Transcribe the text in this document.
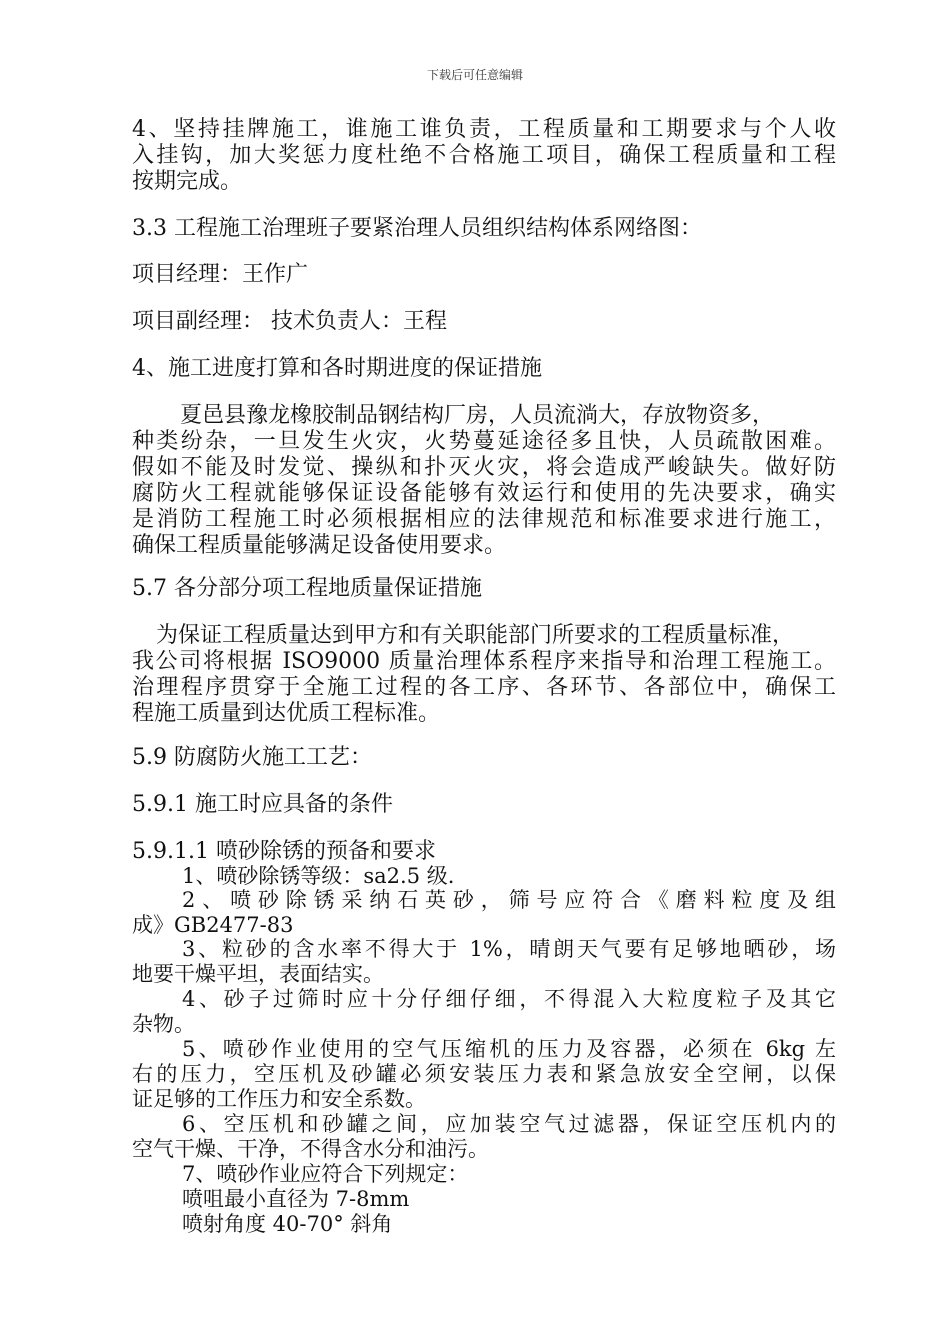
下载后可任意编辑
4、坚持挂牌施工，谁施工谁负责，工程质量和工期要求与个人收
入挂钩，加大奖惩力度杜绝不合格施工项目，确保工程质量和工程
按期完成。
3.3 工程施工治理班子要紧治理人员组织结构体系网络图：
项目经理：王作广
项目副经理： 技术负责人：王程
4、施工进度打算和各时期进度的保证措施
夏邑县豫龙橡胶制品钢结构厂房，人员流淌大，存放物资多，
种类纷杂，一旦发生火灾，火势蔓延途径多且快，人员疏散困难。
假如不能及时发觉、操纵和扑灭火灾，将会造成严峻缺失。做好防
腐防火工程就能够保证设备能够有效运行和使用的先决要求，确实
是消防工程施工时必须根据相应的法律规范和标准要求进行施工，
确保工程质量能够满足设备使用要求。
5.7 各分部分项工程地质量保证措施
为保证工程质量达到甲方和有关职能部门所要求的工程质量标准，
我公司将根据 ISO9000 质量治理体系程序来指导和治理工程施工。
治理程序贯穿于全施工过程的各工序、各环节、各部位中，确保工
程施工质量到达优质工程标准。
5.9 防腐防火施工工艺：
5.9.1 施工时应具备的条件
5.9.1.1 喷砂除锈的预备和要求
1、喷砂除锈等级：sa2.5 级.
2、喷砂除锈采纳石英砂，筛号应符合《磨料粒度及组
成》GB2477-83
3、粒砂的含水率不得大于 1%，晴朗天气要有足够地晒砂，场
地要干燥平坦，表面结实。
4、砂子过筛时应十分仔细仔细，不得混入大粒度粒子及其它
杂物。
5、喷砂作业使用的空气压缩机的压力及容器，必须在 6kg 左
右的压力，空压机及砂罐必须安装压力表和紧急放安全空闸，以保
证足够的工作压力和安全系数。
6、空压机和砂罐之间，应加装空气过滤器，保证空压机内的
空气干燥、干净，不得含水分和油污。
7、喷砂作业应符合下列规定：
喷咀最小直径为 7-8mm
喷射角度 40-70° 斜角
